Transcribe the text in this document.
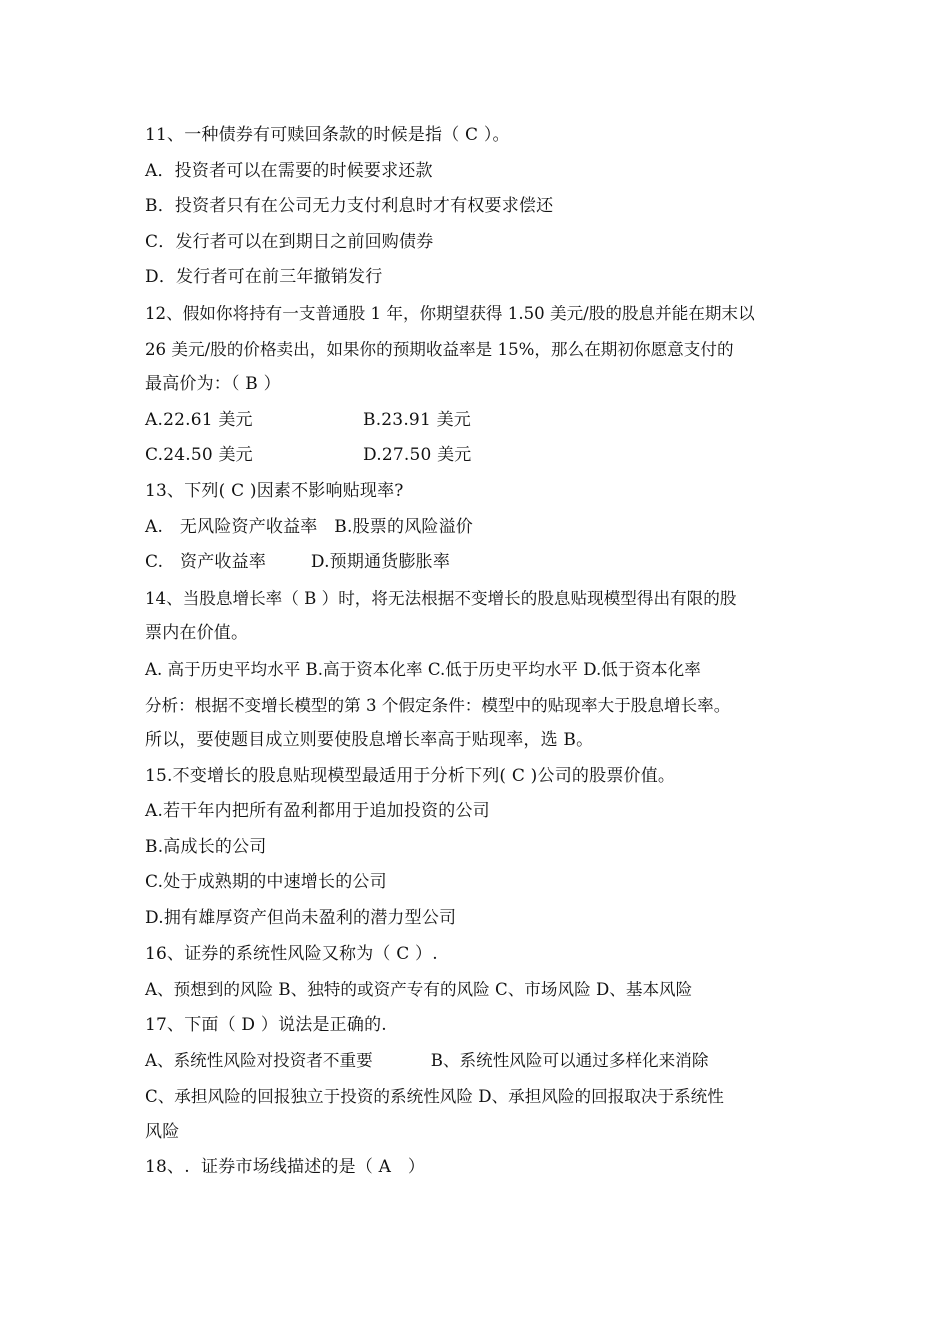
11、一种债券有可赎回条款的时候是指（ C ）。
A．投资者可以在需要的时候要求还款
B．投资者只有在公司无力支付利息时才有权要求偿还
C．发行者可以在到期日之前回购债券
D．发行者可在前三年撤销发行
12、假如你将持有一支普通股 1 年，你期望获得 1.50 美元/股的股息并能在期末以
26 美元/股的价格卖出，如果你的预期收益率是 15%，那么在期初你愿意支付的
最高价为：（ B ）
A.22.61 美元	B.23.91 美元
C.24.50 美元	D.27.50 美元
13、下列( C )因素不影响贴现率?
A.   无风险资产收益率   B.股票的风险溢价
C.   资产收益率        D.预期通货膨胀率
14、当股息增长率（ B ）时，将无法根据不变增长的股息贴现模型得出有限的股
票内在价值。
A. 高于历史平均水平 B.高于资本化率 C.低于历史平均水平 D.低于资本化率
分析：根据不变增长模型的第 3 个假定条件：模型中的贴现率大于股息增长率。
所以，要使题目成立则要使股息增长率高于贴现率，选 B。
15.不变增长的股息贴现模型最适用于分析下列( C )公司的股票价值。
A.若干年内把所有盈利都用于追加投资的公司
B.高成长的公司
C.处于成熟期的中速增长的公司
D.拥有雄厚资产但尚未盈利的潜力型公司
16、证券的系统性风险又称为（ C ）.
A、预想到的风险 B、独特的或资产专有的风险 C、市场风险 D、基本风险
17、下面（ D ）说法是正确的.
A、系统性风险对投资者不重要           B、系统性风险可以通过多样化来消除
C、承担风险的回报独立于投资的系统性风险 D、承担风险的回报取决于系统性
风险
18、.  证券市场线描述的是（ A   ）
